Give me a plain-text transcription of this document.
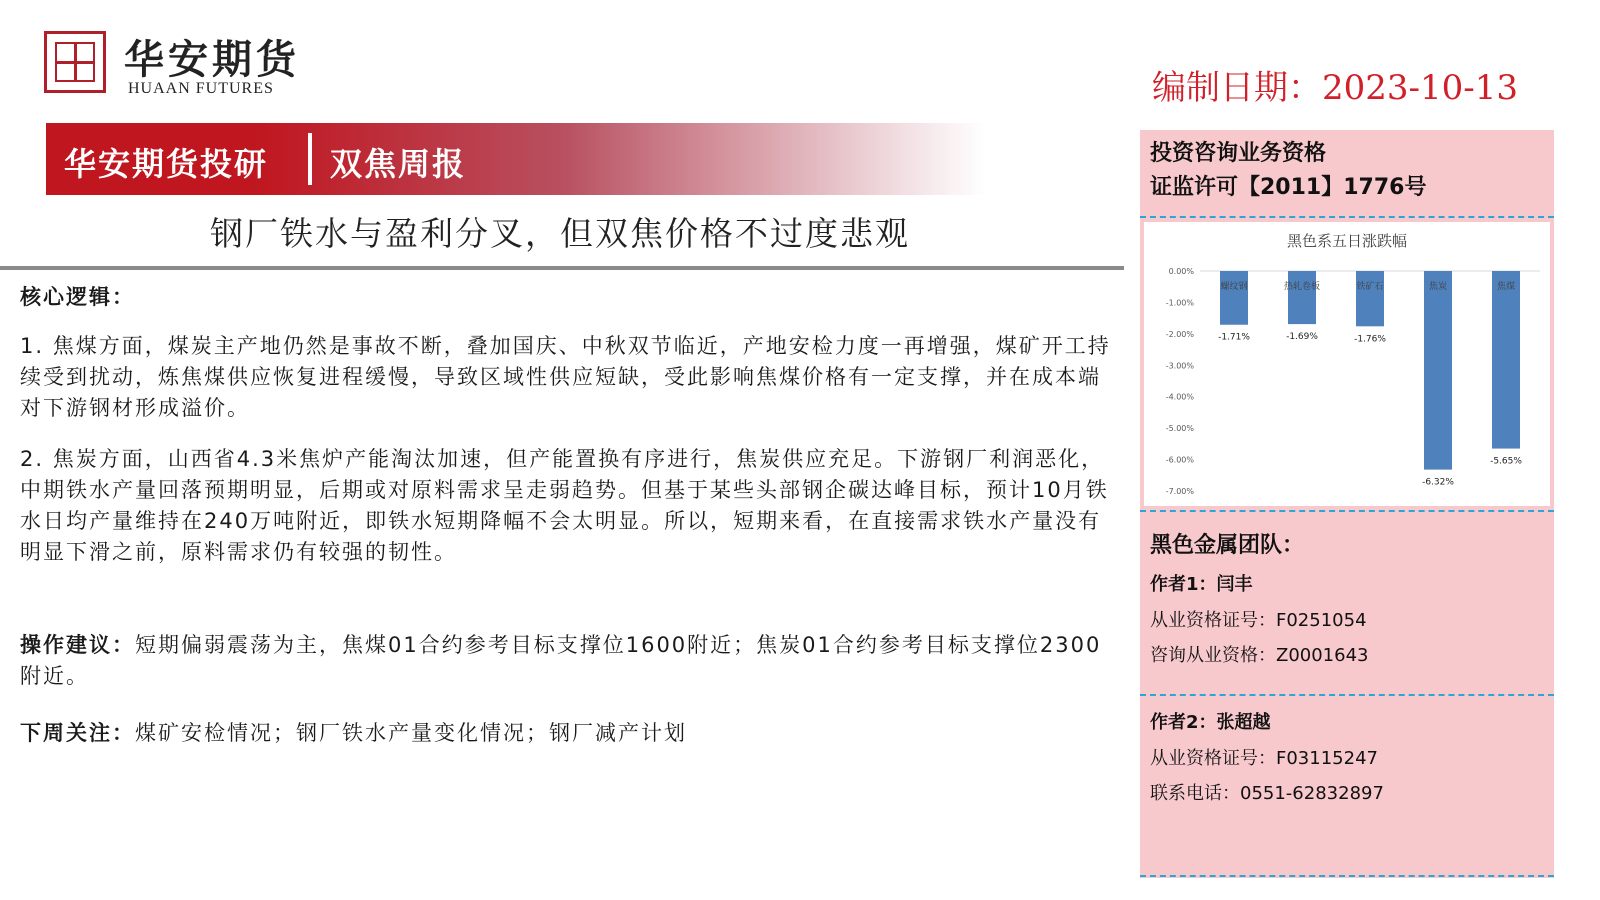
华安期货
HUAAN FUTURES	编制日期：2023-10-13
华安期货投研 双焦周报
钢厂铁水与盈利分叉，但双焦价格不过度悲观

核心逻辑：

1. 焦煤方面，煤炭主产地仍然是事故不断，叠加国庆、中秋双节临近，产地安检力度一再增强，煤矿开工持续受到扰动，炼焦煤供应恢复进程缓慢，导致区域性供应短缺，受此影响焦煤价格有一定支撑，并在成本端对下游钢材形成溢价。

2. 焦炭方面，山西省4.3米焦炉产能淘汰加速，但产能置换有序进行，焦炭供应充足。下游钢厂利润恶化，中期铁水产量回落预期明显，后期或对原料需求呈走弱趋势。但基于某些头部钢企碳达峰目标，预计10月铁水日均产量维持在240万吨附近，即铁水短期降幅不会太明显。所以，短期来看，在直接需求铁水产量没有明显下滑之前，原料需求仍有较强的韧性。

操作建议：短期偏弱震荡为主，焦煤01合约参考目标支撑位1600附近；焦炭01合约参考目标支撑位2300附近。

下周关注：煤矿安检情况；钢厂铁水产量变化情况；钢厂减产计划

投资咨询业务资格
证监许可【2011】1776号
黑色金属团队：
作者1：闫丰
从业资格证号：F0251054
咨询从业资格：Z0001643
作者2：张超越
从业资格证号：F03115247
联系电话：0551-62832897
黑色系五日涨跌幅
0.00%
-1.00%
-2.00%
-3.00%
-4.00%
-5.00%
-6.00%
-7.00%
螺纹钢
-1.71%
热轧卷板
-1.69%
铁矿石
-1.76%
焦炭
-6.32%
焦煤
-5.65%
